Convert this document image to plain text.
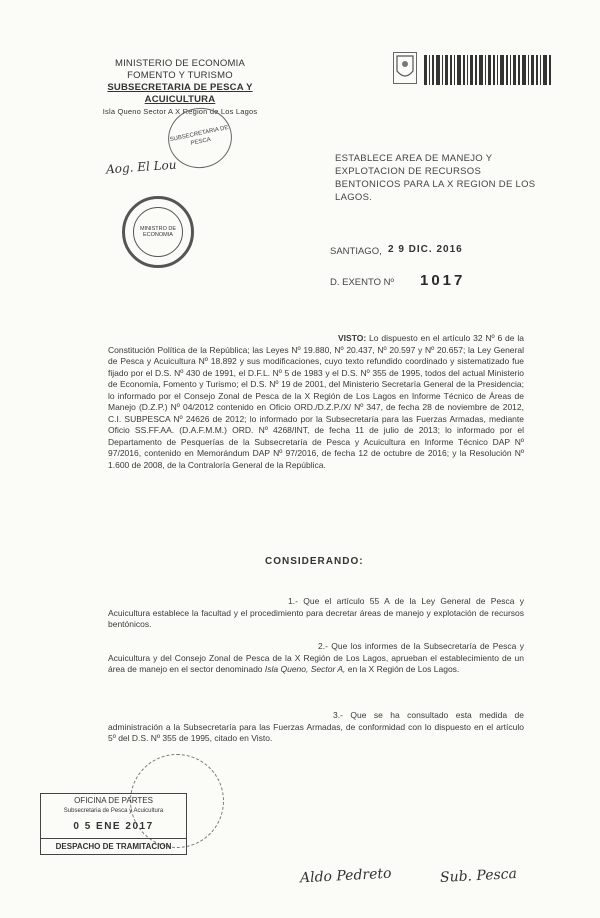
MINISTERIO DE ECONOMIA
FOMENTO Y TURISMO
SUBSECRETARIA DE PESCA Y ACUICULTURA
Isla Queno Sector A X Region de Los Lagos
SUBSECRETARIA DE PESCA
Aog. El Lou
MINISTRO DE ECONOMIA
ESTABLECE AREA DE MANEJO Y EXPLOTACION DE RECURSOS BENTONICOS PARA LA X REGION DE LOS LAGOS.
SANTIAGO, 2 9 DIC. 2016
D. EXENTO Nº 1017
VISTO: Lo dispuesto en el artículo 32 Nº 6 de la Constitución Política de la República; las Leyes Nº 19.880, Nº 20.437, Nº 20.597 y Nº 20.657; la Ley General de Pesca y Acuicultura Nº 18.892 y sus modificaciones, cuyo texto refundido coordinado y sistematizado fue fijado por el D.S. Nº 430 de 1991, el D.F.L. Nº 5 de 1983 y el D.S. Nº 355 de 1995, todos del actual Ministerio de Economía, Fomento y Turismo; el D.S. Nº 19 de 2001, del Ministerio Secretaría General de la Presidencia; lo informado por el Consejo Zonal de Pesca de la X Región de Los Lagos en Informe Técnico de Áreas de Manejo (D.Z.P.) Nº 04/2012 contenido en Oficio ORD./D.Z.P./X/ Nº 347, de fecha 28 de noviembre de 2012, C.I. SUBPESCA Nº 24626 de 2012; lo informado por la Subsecretaría para las Fuerzas Armadas, mediante Oficio SS.FF.AA. (D.A.F.M.M.) ORD. Nº 4268/INT, de fecha 11 de julio de 2013; lo informado por el Departamento de Pesquerías de la Subsecretaría de Pesca y Acuicultura en Informe Técnico DAP Nº 97/2016, contenido en Memorándum DAP Nº 97/2016, de fecha 12 de octubre de 2016; y la Resolución Nº 1.600 de 2008, de la Contraloría General de la República.
CONSIDERANDO:
1.- Que el artículo 55 A de la Ley General de Pesca y Acuicultura establece la facultad y el procedimiento para decretar áreas de manejo y explotación de recursos bentónicos.
2.- Que los informes de la Subsecretaría de Pesca y Acuicultura y del Consejo Zonal de Pesca de la X Región de Los Lagos, aprueban el establecimiento de un área de manejo en el sector denominado Isla Queno, Sector A, en la X Región de Los Lagos.
3.- Que se ha consultado esta medida de administración a la Subsecretaría para las Fuerzas Armadas, de conformidad con lo dispuesto en el artículo 5º del D.S. Nº 355 de 1995, citado en Visto.
OFICINA DE PARTES
Subsecretaria de Pesca y Acuicultura
0 5 ENE 2017
DESPACHO DE TRAMITACION
Aldo Pedreto	Sub. Pesca
